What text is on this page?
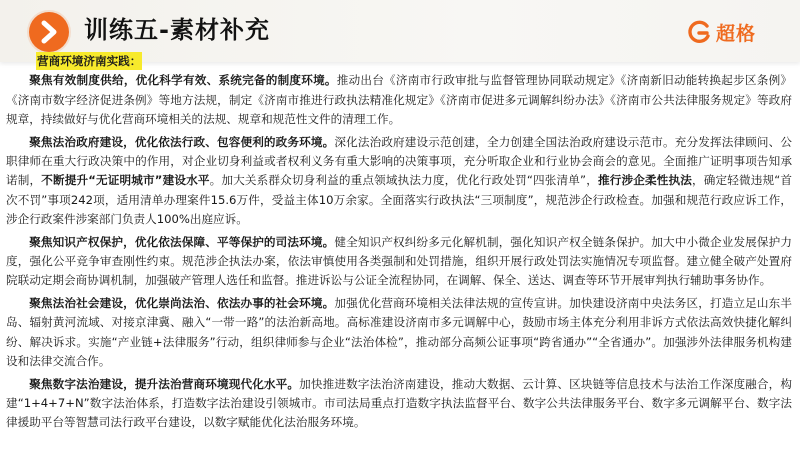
训练五-素材补充	超格
营商环境济南实践：

聚焦有效制度供给，优化科学有效、系统完备的制度环境。推动出台《济南市行政审批与监督管理协同联动规定》《济南新旧动能转换起步区条例》《济南市数字经济促进条例》等地方法规，制定《济南市推进行政执法精准化规定》《济南市促进多元调解纠纷办法》《济南市公共法律服务规定》等政府规章，持续做好与优化营商环境相关的法规、规章和规范性文件的清理工作。

聚焦法治政府建设，优化依法行政、包容便利的政务环境。深化法治政府建设示范创建，全力创建全国法治政府建设示范市。充分发挥法律顾问、公职律师在重大行政决策中的作用，对企业切身利益或者权利义务有重大影响的决策事项，充分听取企业和行业协会商会的意见。全面推广证明事项告知承诺制，不断提升“无证明城市”建设水平。加大关系群众切身利益的重点领域执法力度，优化行政处罚“四张清单”，推行涉企柔性执法，确定轻微违规“首次不罚”事项242项，适用清单办理案件15.6万件，受益主体10万余家。全面落实行政执法“三项制度”，规范涉企行政检查。加强和规范行政应诉工作，涉企行政案件涉案部门负责人100%出庭应诉。

聚焦知识产权保护，优化依法保障、平等保护的司法环境。健全知识产权纠纷多元化解机制，强化知识产权全链条保护。加大中小微企业发展保护力度，强化公平竞争审查刚性约束。规范涉企执法办案，依法审慎使用各类强制和处罚措施，组织开展行政处罚法实施情况专项监督。建立健全破产处置府院联动定期会商协调机制，加强破产管理人选任和监督。推进诉讼与公证全流程协同，在调解、保全、送达、调查等环节开展审判执行辅助事务协作。

聚焦法治社会建设，优化崇尚法治、依法办事的社会环境。加强优化营商环境相关法律法规的宣传宣讲。加快建设济南中央法务区，打造立足山东半岛、辐射黄河流域、对接京津冀、融入“一带一路”的法治新高地。高标准建设济南市多元调解中心，鼓励市场主体充分利用非诉方式依法高效快捷化解纠纷、解决诉求。实施“产业链+法律服务”行动，组织律师参与企业“法治体检”，推动部分高频公证事项“跨省通办”“全省通办”。加强涉外法律服务机构建设和法律交流合作。

聚焦数字法治建设，提升法治营商环境现代化水平。加快推进数字法治济南建设，推动大数据、云计算、区块链等信息技术与法治工作深度融合，构建“1+4+7+N”数字法治体系，打造数字法治建设引领城市。市司法局重点打造数字执法监督平台、数字公共法律服务平台、数字多元调解平台、数字法律援助平台等智慧司法行政平台建设，以数字赋能优化法治服务环境。
